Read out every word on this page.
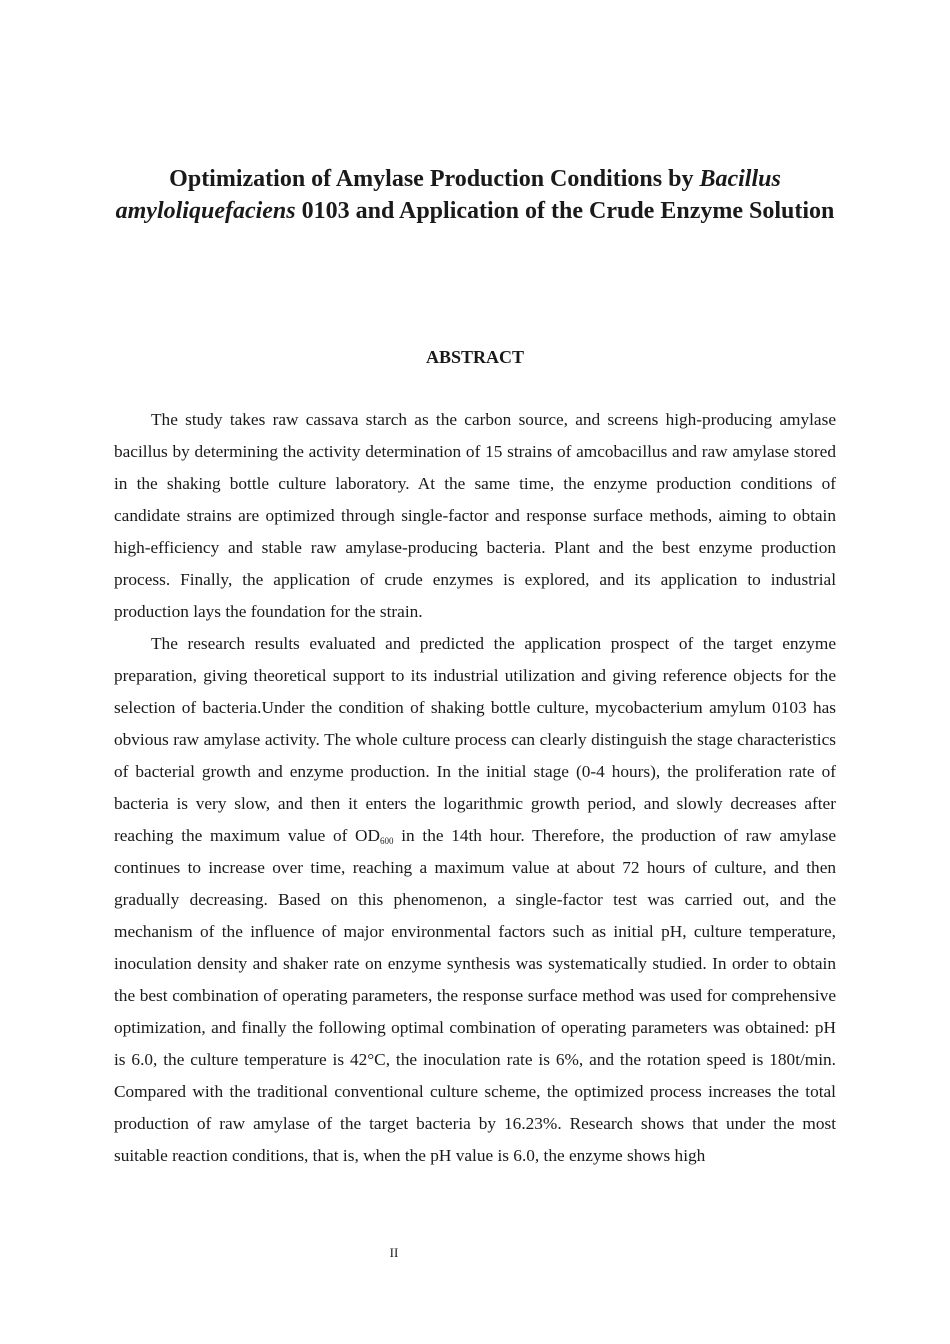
Optimization of Amylase Production Conditions by Bacillus amyloliquefaciens 0103 and Application of the Crude Enzyme Solution
ABSTRACT

The study takes raw cassava starch as the carbon source, and screens high-producing amylase bacillus by determining the activity determination of 15 strains of amcobacillus and raw amylase stored in the shaking bottle culture laboratory. At the same time, the enzyme production conditions of candidate strains are optimized through single-factor and response surface methods, aiming to obtain high-efficiency and stable raw amylase-producing bacteria. Plant and the best enzyme production process. Finally, the application of crude enzymes is explored, and its application to industrial production lays the foundation for the strain.

The research results evaluated and predicted the application prospect of the target enzyme preparation, giving theoretical support to its industrial utilization and giving reference objects for the selection of bacteria.Under the condition of shaking bottle culture, mycobacterium amylum 0103 has obvious raw amylase activity. The whole culture process can clearly distinguish the stage characteristics of bacterial growth and enzyme production. In the initial stage (0-4 hours), the proliferation rate of bacteria is very slow, and then it enters the logarithmic growth period, and slowly decreases after reaching the maximum value of $OD_{600}$ in the 14th hour. Therefore, the production of raw amylase continues to increase over time, reaching a maximum value at about 72 hours of culture, and then gradually decreasing. Based on this phenomenon, a single-factor test was carried out, and the mechanism of the influence of major environmental factors such as initial pH, culture temperature, inoculation density and shaker rate on enzyme synthesis was systematically studied. In order to obtain the best combination of operating parameters, the response surface method was used for comprehensive optimization, and finally the following optimal combination of operating parameters was obtained: pH is 6.0, the culture temperature is 42°C, the inoculation rate is 6%, and the rotation speed is 180t/min. Compared with the traditional conventional culture scheme, the optimized process increases the total production of raw amylase of the target bacteria by 16.23%. Research shows that under the most suitable reaction conditions, that is, when the pH value is 6.0, the enzyme shows high

II
